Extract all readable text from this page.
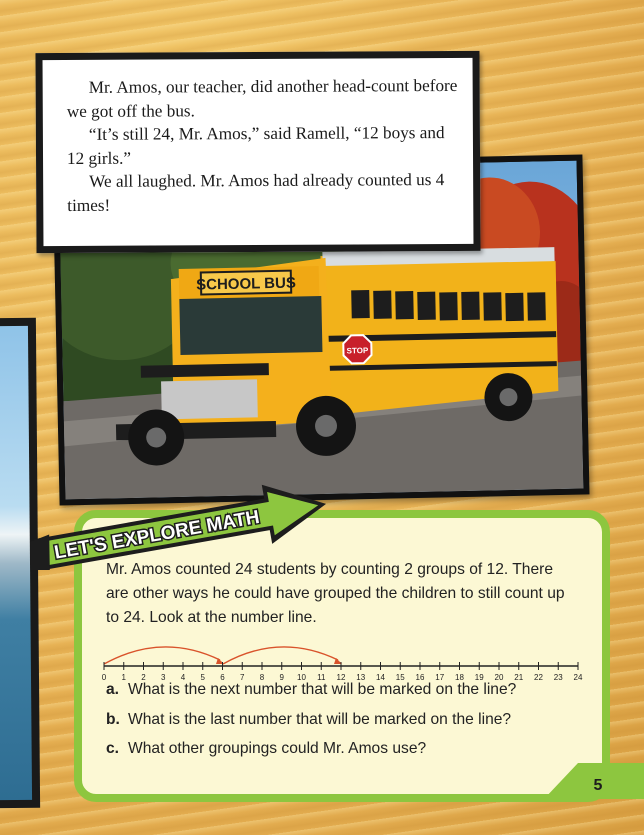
SCHOOL BUS
STOP

Mr. Amos, our teacher, did another head-count before we got off the bus.

“It’s still 24, Mr. Amos,” said Ramell, “12 boys and 12 girls.”

We all laughed. Mr. Amos had already counted us 4 times!

Mr. Amos counted 24 students by counting 2 groups of 12. There are other ways he could have grouped the children to still count up to 24. Look at the number line.
0 1 2 3 4 5 6 7 8 9 10 11 12 13 14 15 16 17 18 19 20 21 22 23 24
a. What is the next number that will be marked on the line?
b. What is the last number that will be marked on the line?
c. What other groupings could Mr. Amos use?
LET'S EXPLORE MATH
5
